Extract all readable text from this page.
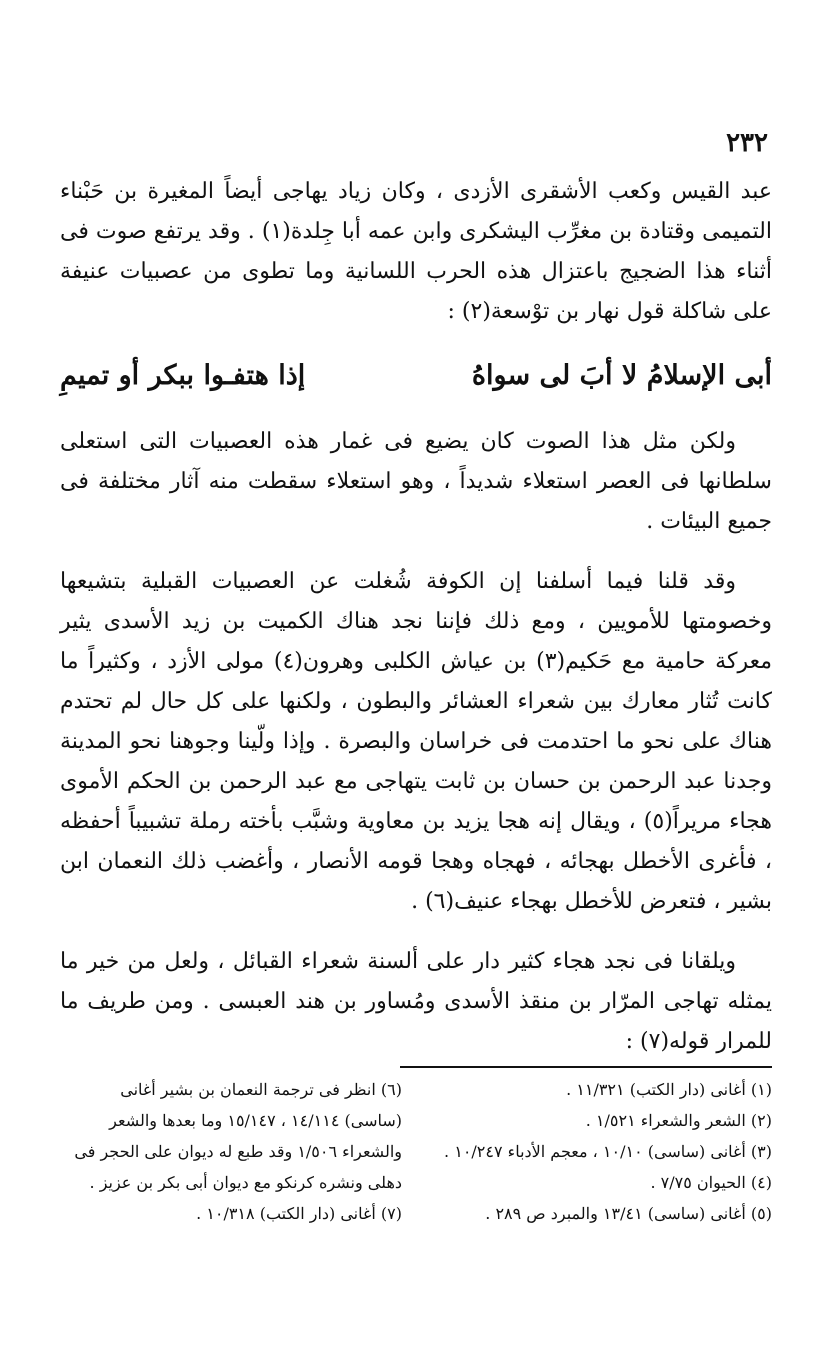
٢٣٢

عبد القيس وكعب الأشقرى الأزدى ، وكان زياد يهاجى أيضاً المغيرة بن حَبْناء التميمى وقتادة بن مغرِّب اليشكرى وابن عمه أبا جِلدة(١) . وقد يرتفع صوت فى أثناء هذا الضجيج باعتزال هذه الحرب اللسانية وما تطوى من عصبيات عنيفة على شاكلة قول نهار بن توْسعة(٢) :

أبى الإسلامُ لا أبَ لى سواهُ
إذا هتفـوا ببكر أو تميمِ

ولكن مثل هذا الصوت كان يضيع فى غمار هذه العصبيات التى استعلى سلطانها فى العصر استعلاء شديداً ، وهو استعلاء سقطت منه آثار مختلفة فى جميع البيئات .

وقد قلنا فيما أسلفنا إن الكوفة شُغلت عن العصبيات القبلية بتشيعها وخصومتها للأمويين ، ومع ذلك فإننا نجد هناك الكميت بن زيد الأسدى يثير معركة حامية مع حَكيم(٣) بن عياش الكلبى وهرون(٤) مولى الأزد ، وكثيراً ما كانت تُثار معارك بين شعراء العشائر والبطون ، ولكنها على كل حال لم تحتدم هناك على نحو ما احتدمت فى خراسان والبصرة . وإذا ولّينا وجوهنا نحو المدينة وجدنا عبد الرحمن بن حسان بن ثابت يتهاجى مع عبد الرحمن بن الحكم الأموى هجاء مريراً(٥) ، ويقال إنه هجا يزيد بن معاوية وشبَّب بأخته رملة تشبيباً أحفظه ، فأغرى الأخطل بهجائه ، فهجاه وهجا قومه الأنصار ، وأغضب ذلك النعمان ابن بشير ، فتعرض للأخطل بهجاء عنيف(٦) .

ويلقانا فى نجد هجاء كثير دار على ألسنة شعراء القبائل ، ولعل من خير ما يمثله تهاجى المرّار بن منقذ الأسدى ومُساور بن هند العبسى . ومن طريف ما للمرار قوله(٧) :

(١) أغانى (دار الكتب) ١١/٣٢١ .

(٢) الشعر والشعراء ١/٥٢١ .

(٣) أغانى (ساسى) ١٠/١٠ ، معجم الأدباء ١٠/٢٤٧ .

(٤) الحيوان ٧/٧٥ .

(٥) أغانى (ساسى) ١٣/٤١ والمبرد ص ٢٨٩ .

(٦) انظر فى ترجمة النعمان بن بشير أغانى (ساسى) ١٤/١١٤ ، ١٥/١٤٧ وما بعدها والشعر والشعراء ١/٥٠٦ وقد طبع له ديوان على الحجر فى دهلى ونشره كرنكو مع ديوان أبى بكر بن عزيز .

(٧) أغانى (دار الكتب) ١٠/٣١٨ .
